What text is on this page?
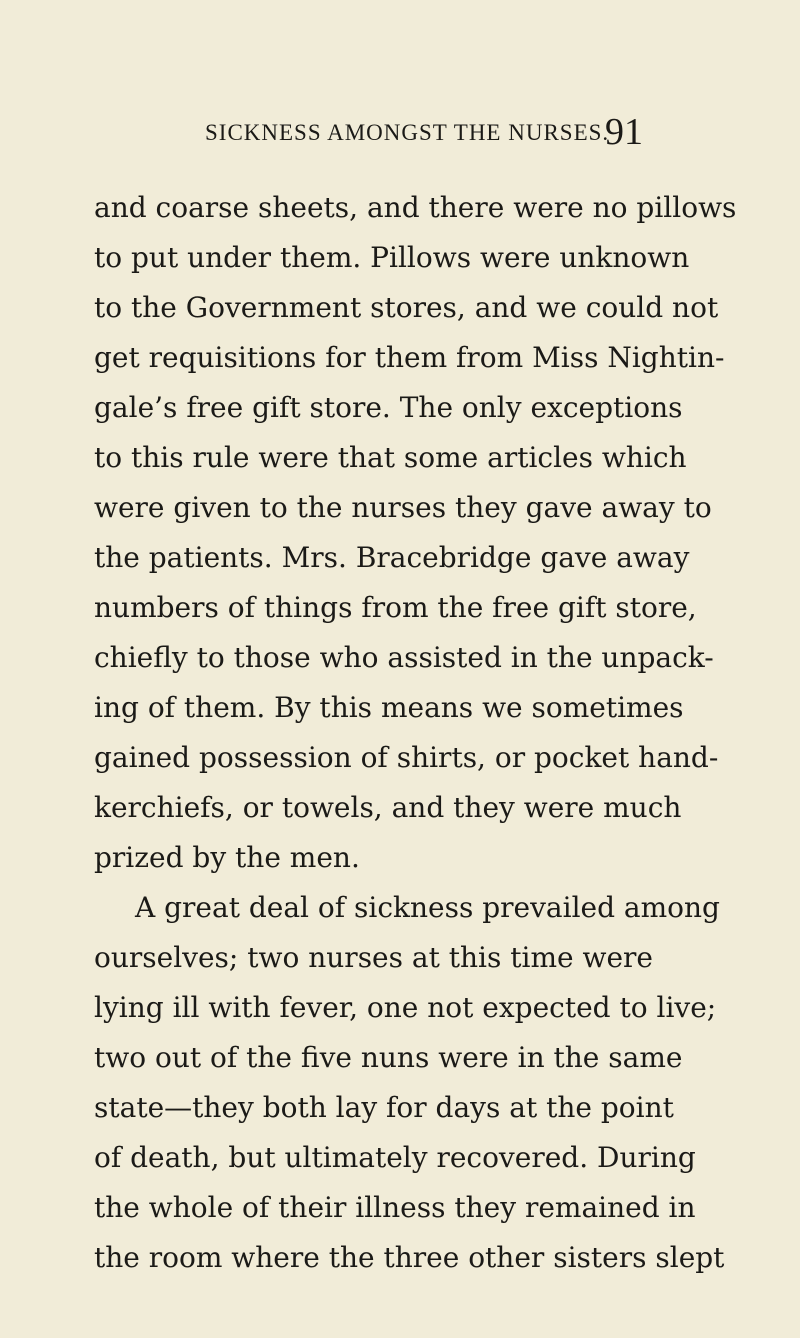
SICKNESS AMONGST THE NURSES.
91
and coarse sheets, and there were no pillows
to put under them. Pillows were unknown
to the Government stores, and we could not
get requisitions for them from Miss Nightin-
gale’s free gift store. The only exceptions
to this rule were that some articles which
were given to the nurses they gave away to
the patients. Mrs. Bracebridge gave away
numbers of things from the free gift store,
chiefly to those who assisted in the unpack-
ing of them. By this means we sometimes
gained possession of shirts, or pocket hand-
kerchiefs, or towels, and they were much
prized by the men.
A great deal of sickness prevailed among
ourselves; two nurses at this time were
lying ill with fever, one not expected to live;
two out of the five nuns were in the same
state—they both lay for days at the point
of death, but ultimately recovered. During
the whole of their illness they remained in
the room where the three other sisters slept
